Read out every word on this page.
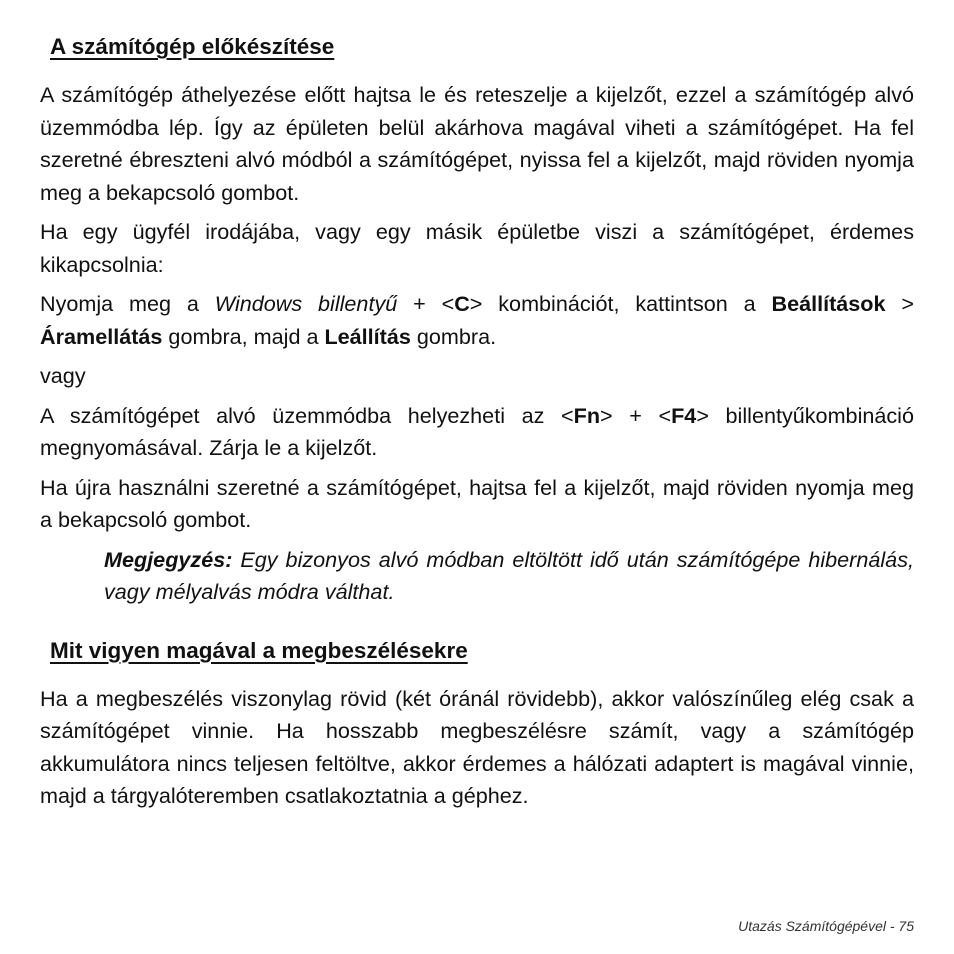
A számítógép előkészítése

A számítógép áthelyezése előtt hajtsa le és reteszelje a kijelzőt, ezzel a számítógép alvó üzemmódba lép. Így az épületen belül akárhova magával viheti a számítógépet. Ha fel szeretné ébreszteni alvó módból a számítógépet, nyissa fel a kijelzőt, majd röviden nyomja meg a bekapcsoló gombot.

Ha egy ügyfél irodájába, vagy egy másik épületbe viszi a számítógépet, érdemes kikapcsolnia:

Nyomja meg a Windows billentyű + <C> kombinációt, kattintson a Beállítások > Áramellátás gombra, majd a Leállítás gombra.

vagy

A számítógépet alvó üzemmódba helyezheti az <Fn> + <F4> billentyűkombináció megnyomásával. Zárja le a kijelzőt.

Ha újra használni szeretné a számítógépet, hajtsa fel a kijelzőt, majd röviden nyomja meg a bekapcsoló gombot.

Megjegyzés: Egy bizonyos alvó módban eltöltött idő után számítógépe hibernálás, vagy mélyalvás módra válthat.

Mit vigyen magával a megbeszélésekre

Ha a megbeszélés viszonylag rövid (két óránál rövidebb), akkor valószínűleg elég csak a számítógépet vinnie. Ha hosszabb megbeszélésre számít, vagy a számítógép akkumulátora nincs teljesen feltöltve, akkor érdemes a hálózati adaptert is magával vinnie, majd a tárgyalóteremben csatlakoztatnia a géphez.

Utazás Számítógépével - 75
